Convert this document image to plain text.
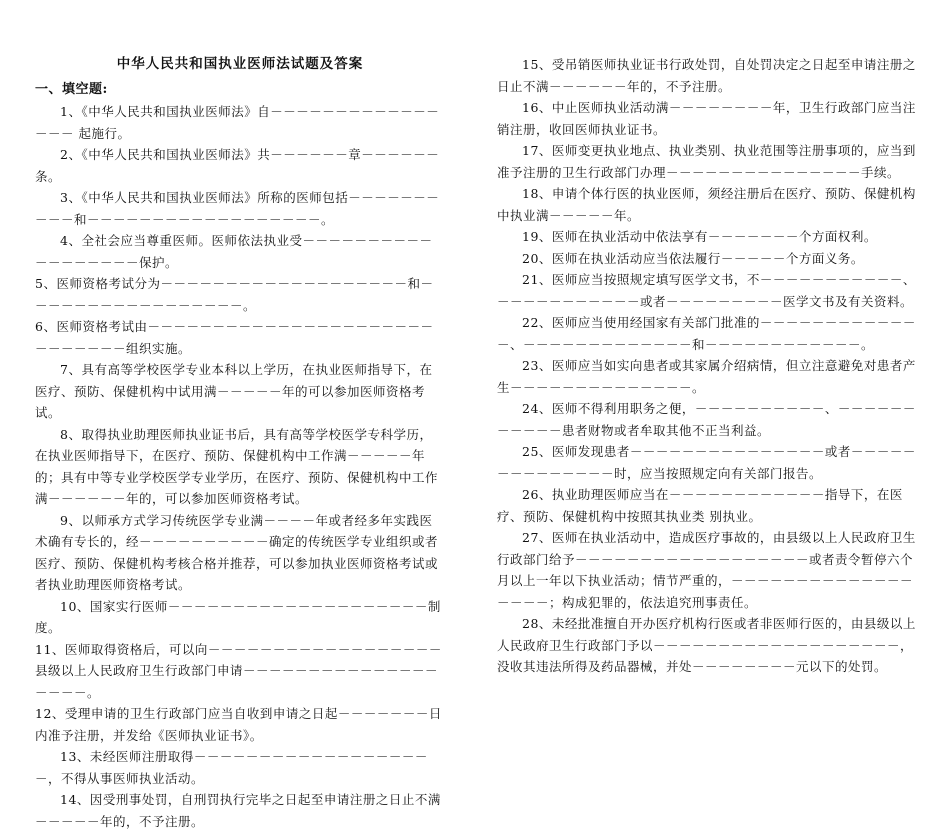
中华人民共和国执业医师法试题及答案

一、填空题:

1、《中华人民共和国执业医师法》自－－－－－－－－－－－－－－－－ 起施行。

2、《中华人民共和国执业医师法》共－－－－－－章－－－－－－条。

3、《中华人民共和国执业医师法》所称的医师包括－－－－－－－－－－和－－－－－－－－－－－－－－－－－－。

4、全社会应当尊重医师。医师依法执业受－－－－－－－－－－－－－－－－－－保护。

5、医师资格考试分为－－－－－－－－－－－－－－－－－－－和－－－－－－－－－－－－－－－－－。

6、医师资格考试由－－－－－－－－－－－－－－－－－－－－－－－－－－－－－组织实施。

7、具有高等学校医学专业本科以上学历，在执业医师指导下，在医疗、预防、保健机构中试用满－－－－－年的可以参加医师资格考试。

8、取得执业助理医师执业证书后，具有高等学校医学专科学历，在执业医师指导下，在医疗、预防、保健机构中工作满－－－－－年的；具有中等专业学校医学专业学历，在医疗、预防、保健机构中工作满－－－－－－年的，可以参加医师资格考试。

9、以师承方式学习传统医学专业满－－－－年或者经多年实践医术确有专长的，经－－－－－－－－－－确定的传统医学专业组织或者医疗、预防、保健机构考核合格并推荐，可以参加执业医师资格考试或者执业助理医师资格考试。

10、国家实行医师－－－－－－－－－－－－－－－－－－－－制度。

11、医师取得资格后，可以向－－－－－－－－－－－－－－－－－－县级以上人民政府卫生行政部门申请－－－－－－－－－－－－－－－－－－－。

12、受理申请的卫生行政部门应当自收到申请之日起－－－－－－－日内准予注册，并发给《医师执业证书》。

13、未经医师注册取得－－－－－－－－－－－－－－－－－－－，不得从事医师执业活动。

14、因受刑事处罚，自刑罚执行完毕之日起至申请注册之日止不满－－－－－年的，不予注册。

15、受吊销医师执业证书行政处罚，自处罚决定之日起至申请注册之日止不满－－－－－－年的，不予注册。

16、中止医师执业活动满－－－－－－－－年，卫生行政部门应当注销注册，收回医师执业证书。

17、医师变更执业地点、执业类别、执业范围等注册事项的，应当到准予注册的卫生行政部门办理－－－－－－－－－－－－－－－手续。

18、申请个体行医的执业医师，须经注册后在医疗、预防、保健机构中执业满－－－－－年。

19、医师在执业活动中依法享有－－－－－－－个方面权利。

20、医师在执业活动应当依法履行－－－－－个方面义务。

21、医师应当按照规定填写医学文书，不－－－－－－－－－－－、－－－－－－－－－－－或者－－－－－－－－－医学文书及有关资料。

22、医师应当使用经国家有关部门批准的－－－－－－－－－－－－－、－－－－－－－－－－－－－和－－－－－－－－－－－－。

23、医师应当如实向患者或其家属介绍病情，但立注意避免对患者产生－－－－－－－－－－－－－－。

24、医师不得利用职务之便，－－－－－－－－－－、－－－－－－－－－－－患者财物或者牟取其他不正当利益。

25、医师发现患者－－－－－－－－－－－－－－－或者－－－－－－－－－－－－－－时，应当按照规定向有关部门报告。

26、执业助理医师应当在－－－－－－－－－－－－指导下，在医疗、预防、保健机构中按照其执业类 别执业。

27、医师在执业活动中，造成医疗事故的，由县级以上人民政府卫生行政部门给予－－－－－－－－－－－－－－－－－－或者责令暂停六个月以上一年以下执业活动；情节严重的，－－－－－－－－－－－－－－－－－－；构成犯罪的，依法追究刑事责任。

28、未经批准擅自开办医疗机构行医或者非医师行医的，由县级以上人民政府卫生行政部门予以－－－－－－－－－－－－－－－－－－－，没收其违法所得及药品器械，并处－－－－－－－－元以下的处罚。
